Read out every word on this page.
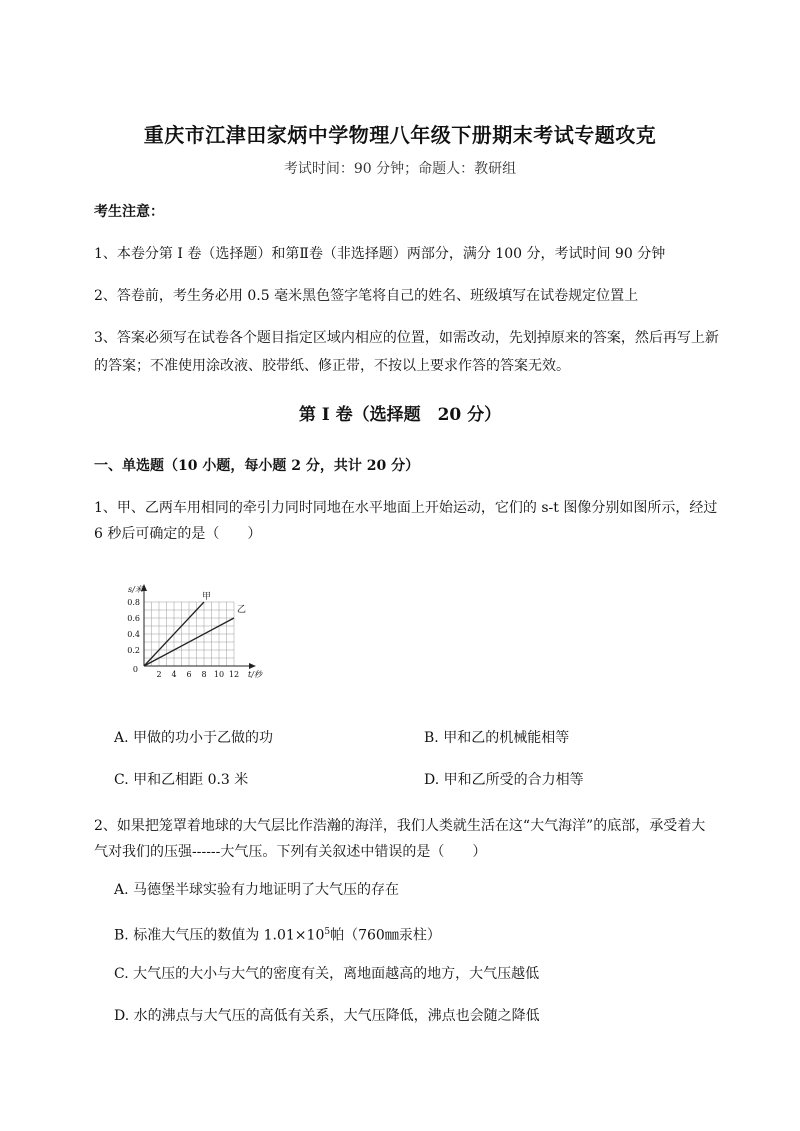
重庆市江津田家炳中学物理八年级下册期末考试专题攻克
考试时间：90 分钟；命题人：教研组

考生注意：

1、本卷分第 I 卷（选择题）和第Ⅱ卷（非选择题）两部分，满分 100 分，考试时间 90 分钟

2、答卷前，考生务必用 0.5 毫米黑色签字笔将自己的姓名、班级填写在试卷规定位置上

3、答案必须写在试卷各个题目指定区域内相应的位置，如需改动，先划掉原来的答案，然后再写上新的答案；不准使用涂改液、胶带纸、修正带，不按以上要求作答的答案无效。

第 I 卷（选择题　20 分）

一、单选题（10 小题，每小题 2 分，共计 20 分）

1、甲、乙两车用相同的牵引力同时同地在水平地面上开始运动，它们的 s-t 图像分别如图所示，经过

6 秒后可确定的是（　　）

甲
乙
2 4 6 8 10 12
0.2
0.4
0.6
0.8
0
s/米
t/秒
A. 甲做的功小于乙做的功	B. 甲和乙的机械能相等
C. 甲和乙相距 0.3 米	D. 甲和乙所受的合力相等

2、如果把笼罩着地球的大气层比作浩瀚的海洋，我们人类就生活在这“大气海洋”的底部，承受着大

气对我们的压强------大气压。下列有关叙述中错误的是（　　）

A. 马德堡半球实验有力地证明了大气压的存在
B. 标准大气压的数值为 $1.01\times 10^5$帕（760㎜汞柱）
C. 大气压的大小与大气的密度有关，离地面越高的地方，大气压越低
D. 水的沸点与大气压的高低有关系，大气压降低，沸点也会随之降低
